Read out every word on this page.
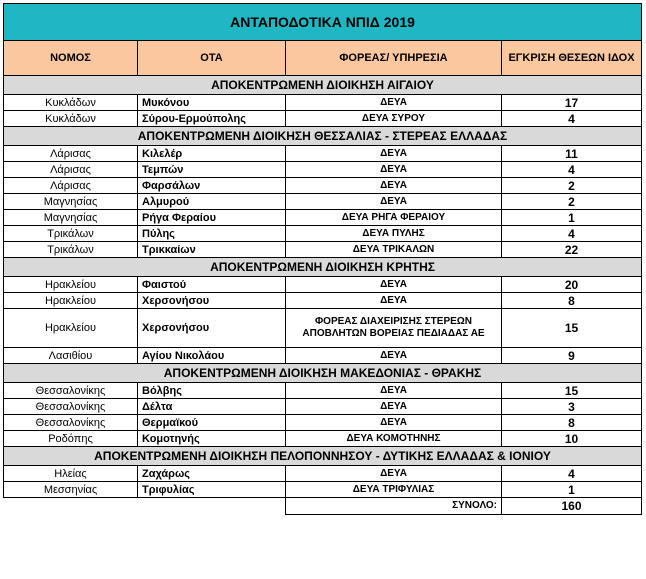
ΑΝΤΑΠΟΔΟΤΙΚΑ ΝΠΙΔ 2019			
ΝΟΜΟΣ	ΟΤΑ	ΦΟΡΕΑΣ/ ΥΠΗΡΕΣΙΑ	ΕΓΚΡΙΣΗ ΘΕΣΕΩΝ ΙΔΟΧ
ΑΠΟΚΕΝΤΡΩΜΕΝΗ ΔΙΟΙΚΗΣΗ ΑΙΓΑΙΟΥ			
Κυκλάδων	Μυκόνου	ΔΕΥΑ	17
Κυκλάδων	Σύρου-Ερμούπολης	ΔΕΥΑ ΣΥΡΟΥ	4
ΑΠΟΚΕΝΤΡΩΜΕΝΗ ΔΙΟΙΚΗΣΗ ΘΕΣΣΑΛΙΑΣ - ΣΤΕΡΕΑΣ ΕΛΛΑΔΑΣ			
Λάρισας	Κιλελέρ	ΔΕΥΑ	11
Λάρισας	Τεμπών	ΔΕΥΑ	4
Λάρισας	Φαρσάλων	ΔΕΥΑ	2
Μαγνησίας	Αλμυρού	ΔΕΥΑ	2
Μαγνησίας	Ρήγα Φεραίου	ΔΕΥΑ ΡΗΓΑ ΦΕΡΑΙΟΥ	1
Τρικάλων	Πύλης	ΔΕΥΑ ΠΥΛΗΣ	4
Τρικάλων	Τρικκαίων	ΔΕΥΑ ΤΡΙΚΑΛΩΝ	22
ΑΠΟΚΕΝΤΡΩΜΕΝΗ ΔΙΟΙΚΗΣΗ ΚΡΗΤΗΣ			
Ηρακλείου	Φαιστού	ΔΕΥΑ	20
Ηρακλείου	Χερσονήσου	ΔΕΥΑ	8
Ηρακλείου	Χερσονήσου	ΦΟΡΕΑΣ ΔΙΑΧΕΙΡΙΣΗΣ ΣΤΕΡΕΩΝ ΑΠΟΒΛΗΤΩΝ ΒΟΡΕΙΑΣ ΠΕΔΙΑΔΑΣ ΑΕ	15
Λασιθίου	Αγίου Νικολάου	ΔΕΥΑ	9
ΑΠΟΚΕΝΤΡΩΜΕΝΗ ΔΙΟΙΚΗΣΗ ΜΑΚΕΔΟΝΙΑΣ - ΘΡΑΚΗΣ			
Θεσσαλονίκης	Βόλβης	ΔΕΥΑ	15
Θεσσαλονίκης	Δέλτα	ΔΕΥΑ	3
Θεσσαλονίκης	Θερμαϊκού	ΔΕΥΑ	8
Ροδόπης	Κομοτηνής	ΔΕΥΑ ΚΟΜΟΤΗΝΗΣ	10
ΑΠΟΚΕΝΤΡΩΜΕΝΗ ΔΙΟΙΚΗΣΗ ΠΕΛΟΠΟΝΝΗΣΟΥ - ΔΥΤΙΚΗΣ ΕΛΛΑΔΑΣ & ΙΟΝΙΟΥ			
Ηλείας	Ζαχάρως	ΔΕΥΑ	4
Μεσσηνίας	Τριφυλίας	ΔΕΥΑ ΤΡΙΦΥΛΙΑΣ	1
		ΣΥΝΟΛΟ:	160
